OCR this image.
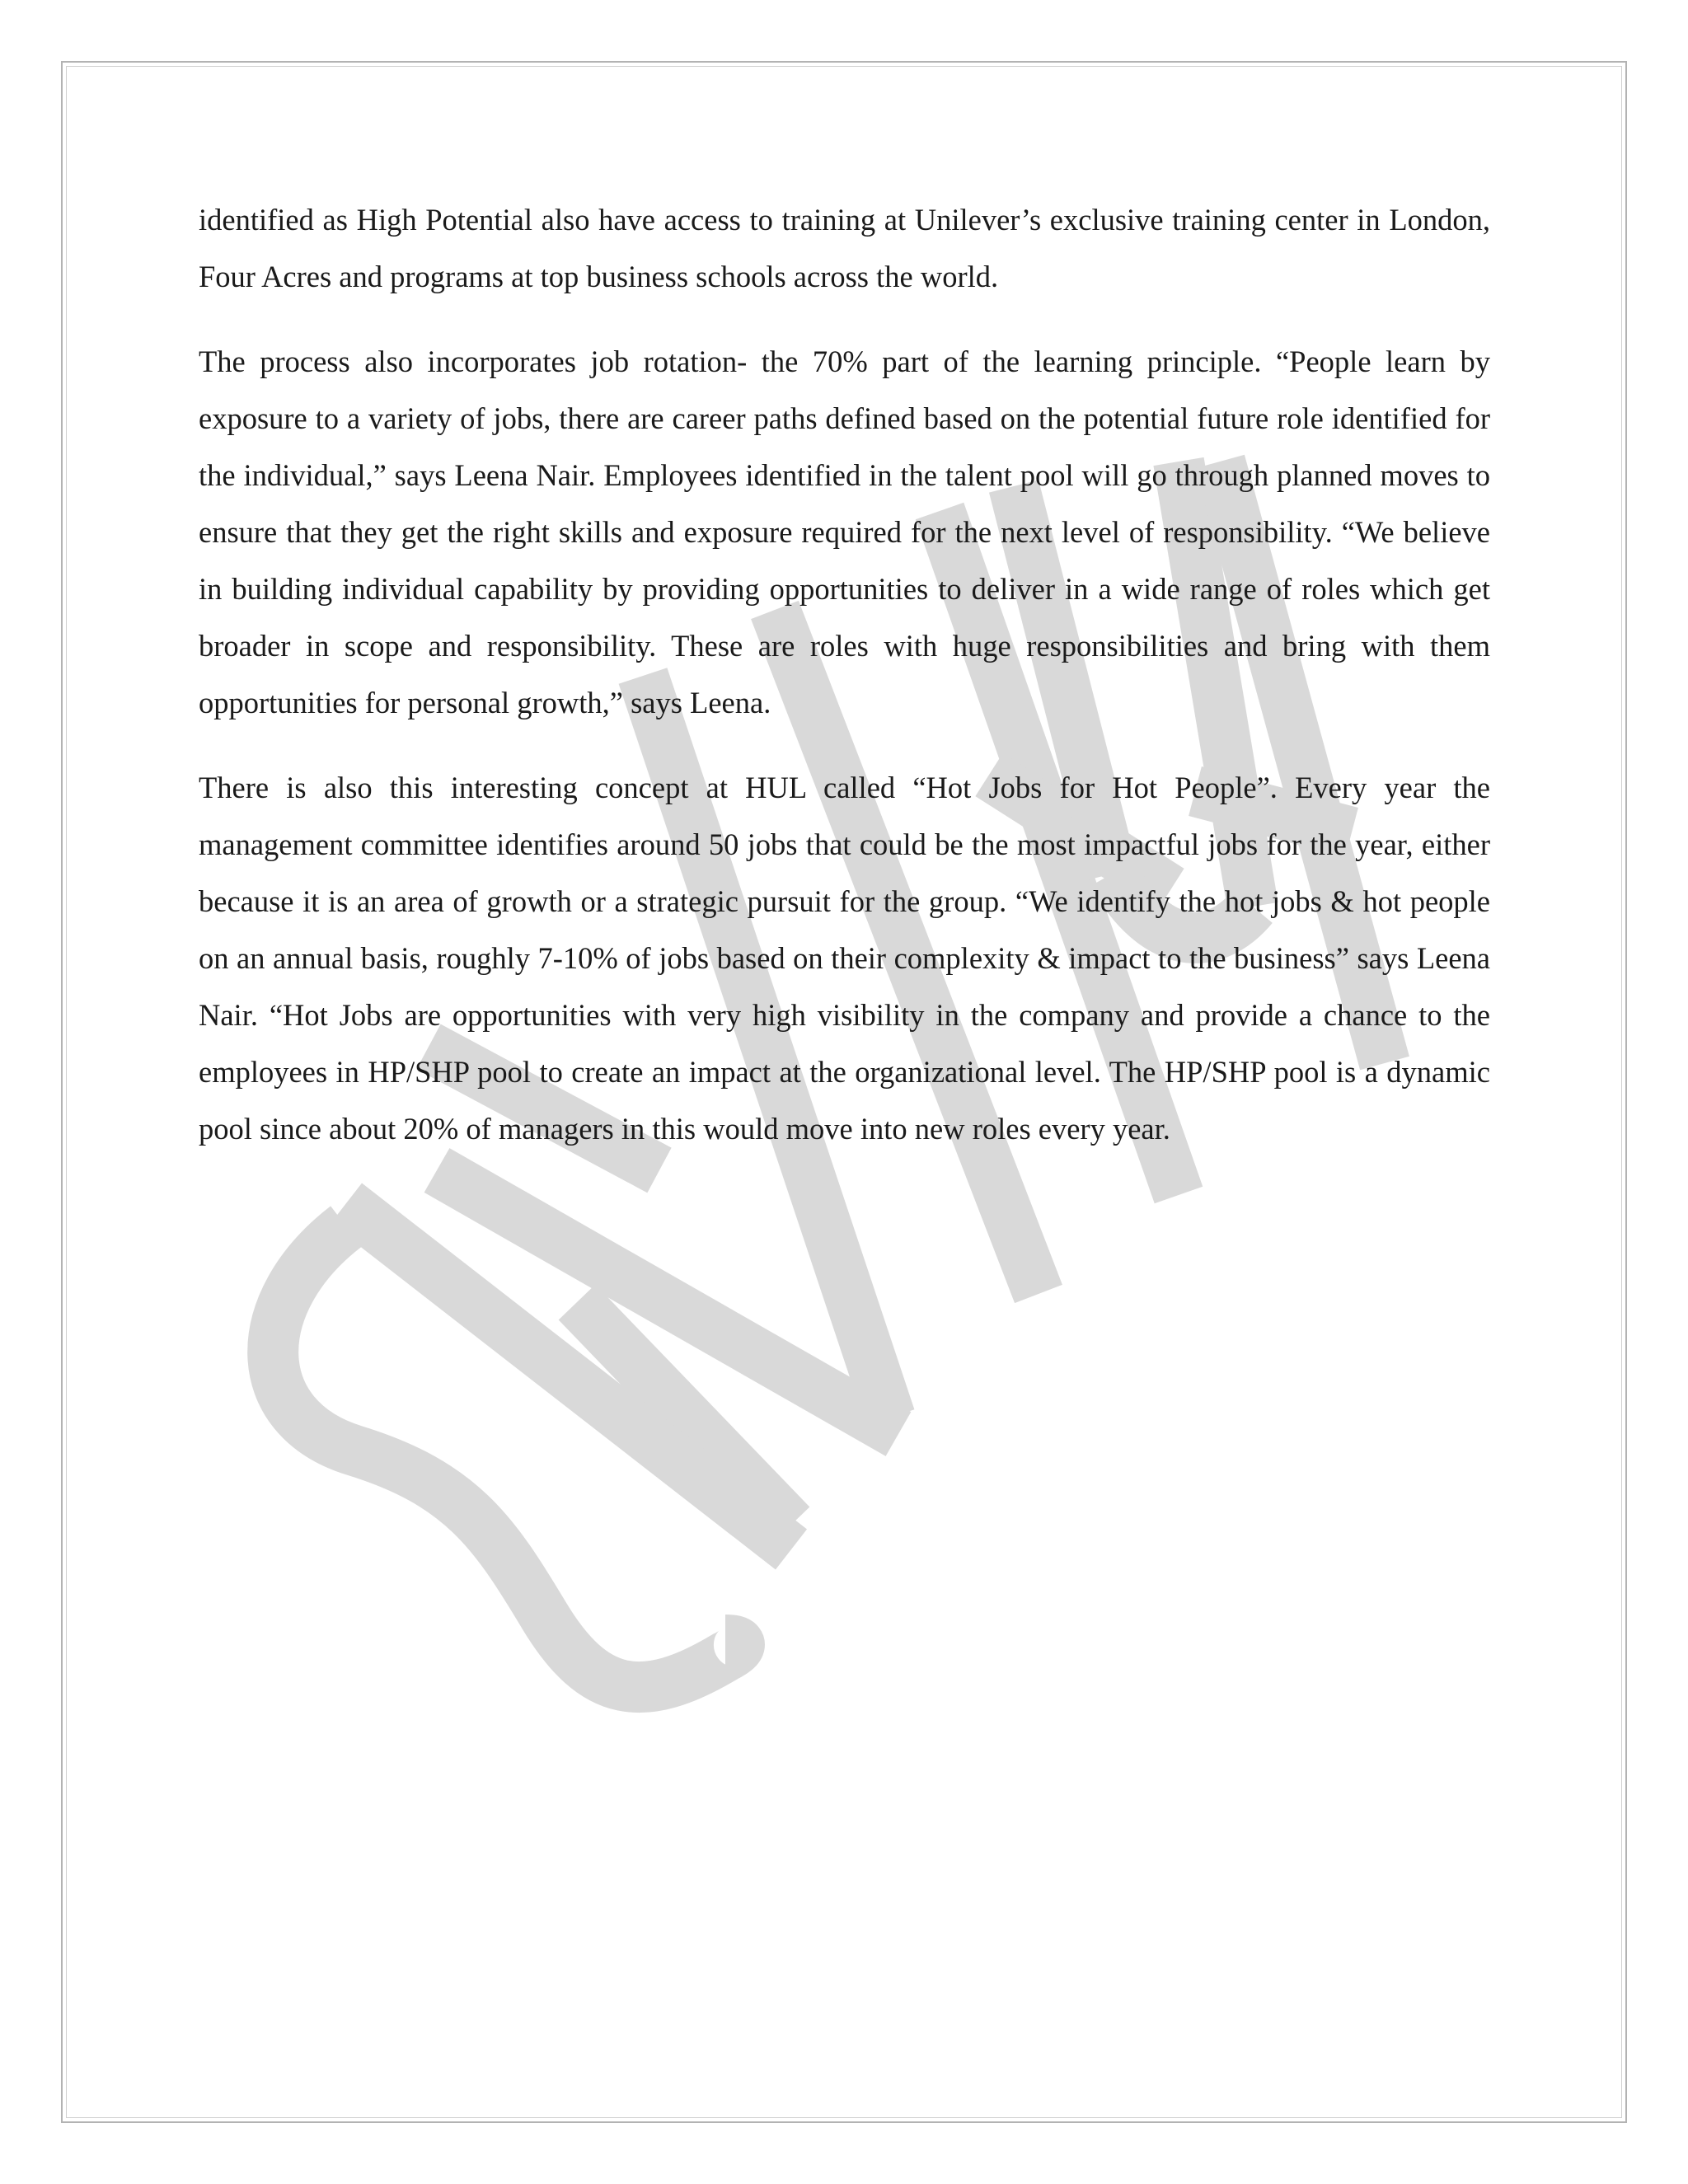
identified as High Potential also have access to training at Unilever’s exclusive training center in London, Four Acres and programs at top business schools across the world.

The process also incorporates job rotation- the 70% part of the learning principle. “People learn by exposure to a variety of jobs, there are career paths defined based on the potential future role identified for the individual,” says Leena Nair. Employees identified in the talent pool will go through planned moves to ensure that they get the right skills and exposure required for the next level of responsibility. “We believe in building individual capability by providing opportunities to deliver in a wide range of roles which get broader in scope and responsibility. These are roles with huge responsibilities and bring with them opportunities for personal growth,” says Leena.

There is also this interesting concept at HUL called “Hot Jobs for Hot People”. Every year the management committee identifies around 50 jobs that could be the most impactful jobs for the year, either because it is an area of growth or a strategic pursuit for the group. “We identify the hot jobs & hot people on an annual basis, roughly 7-10% of jobs based on their complexity & impact to the business” says Leena Nair. “Hot Jobs are opportunities with very high visibility in the company and provide a chance to the employees in HP/SHP pool to create an impact at the organizational level. The HP/SHP pool is a dynamic pool since about 20% of managers in this would move into new roles every year.
